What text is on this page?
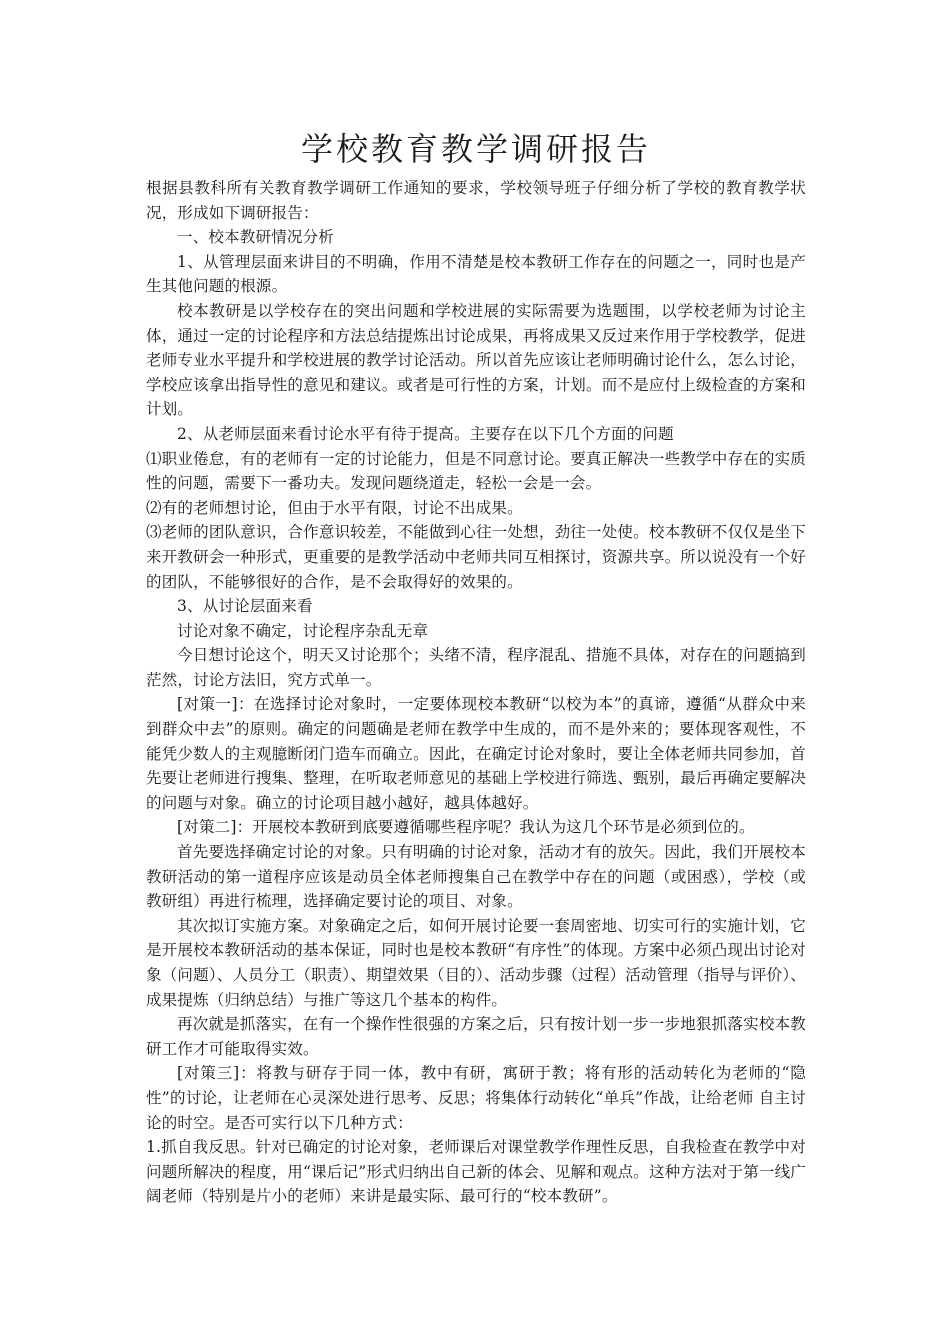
学校教育教学调研报告

根据县教科所有关教育教学调研工作通知的要求，学校领导班子仔细分析了学校的教育教学状况，形成如下调研报告：

一、校本教研情况分析

1、从管理层面来讲目的不明确，作用不清楚是校本教研工作存在的问题之一，同时也是产生其他问题的根源。

校本教研是以学校存在的突出问题和学校进展的实际需要为选题围，以学校老师为讨论主体，通过一定的讨论程序和方法总结提炼出讨论成果，再将成果又反过来作用于学校教学，促进老师专业水平提升和学校进展的教学讨论活动。所以首先应该让老师明确讨论什么，怎么讨论，学校应该拿出指导性的意见和建议。或者是可行性的方案，计划。而不是应付上级检查的方案和计划。

2、从老师层面来看讨论水平有待于提高。主要存在以下几个方面的问题

⑴职业倦怠，有的老师有一定的讨论能力，但是不同意讨论。要真正解决一些教学中存在的实质性的问题，需要下一番功夫。发现问题绕道走，轻松一会是一会。

⑵有的老师想讨论，但由于水平有限，讨论不出成果。

⑶老师的团队意识，合作意识较差，不能做到心往一处想，劲往一处使。校本教研不仅仅是坐下来开教研会一种形式，更重要的是教学活动中老师共同互相探讨，资源共享。所以说没有一个好的团队，不能够很好的合作，是不会取得好的效果的。

3、从讨论层面来看

讨论对象不确定，讨论程序杂乱无章

今日想讨论这个，明天又讨论那个；头绪不清，程序混乱、措施不具体，对存在的问题搞到茫然，讨论方法旧，究方式单一。

[对策一]：在选择讨论对象时，一定要体现校本教研“以校为本”的真谛，遵循“从群众中来到群众中去”的原则。确定的问题确是老师在教学中生成的，而不是外来的；要体现客观性，不能凭少数人的主观臆断闭门造车而确立。因此，在确定讨论对象时，要让全体老师共同参加，首先要让老师进行搜集、整理，在听取老师意见的基础上学校进行筛选、甄别，最后再确定要解决的问题与对象。确立的讨论项目越小越好，越具体越好。

[对策二]：开展校本教研到底要遵循哪些程序呢？我认为这几个环节是必须到位的。

首先要选择确定讨论的对象。只有明确的讨论对象，活动才有的放矢。因此，我们开展校本教研活动的第一道程序应该是动员全体老师搜集自己在教学中存在的问题（或困惑），学校（或教研组）再进行梳理，选择确定要讨论的项目、对象。

其次拟订实施方案。对象确定之后，如何开展讨论要一套周密地、切实可行的实施计划，它是开展校本教研活动的基本保证，同时也是校本教研“有序性”的体现。方案中必须凸现出讨论对象（问题）、人员分工（职责）、期望效果（目的）、活动步骤（过程）活动管理（指导与评价）、成果提炼（归纳总结）与推广等这几个基本的构件。

再次就是抓落实，在有一个操作性很强的方案之后，只有按计划一步一步地狠抓落实校本教研工作才可能取得实效。

[对策三]：将教与研存于同一体，教中有研，寓研于教；将有形的活动转化为老师的“隐性”的讨论，让老师在心灵深处进行思考、反思；将集体行动转化“单兵”作战，让给老师 自主讨论的时空。是否可实行以下几种方式：

1.抓自我反思。针对已确定的讨论对象，老师课后对课堂教学作理性反思，自我检查在教学中对问题所解决的程度，用“课后记”形式归纳出自己新的体会、见解和观点。这种方法对于第一线广阔老师（特别是片小的老师）来讲是最实际、最可行的“校本教研”。
